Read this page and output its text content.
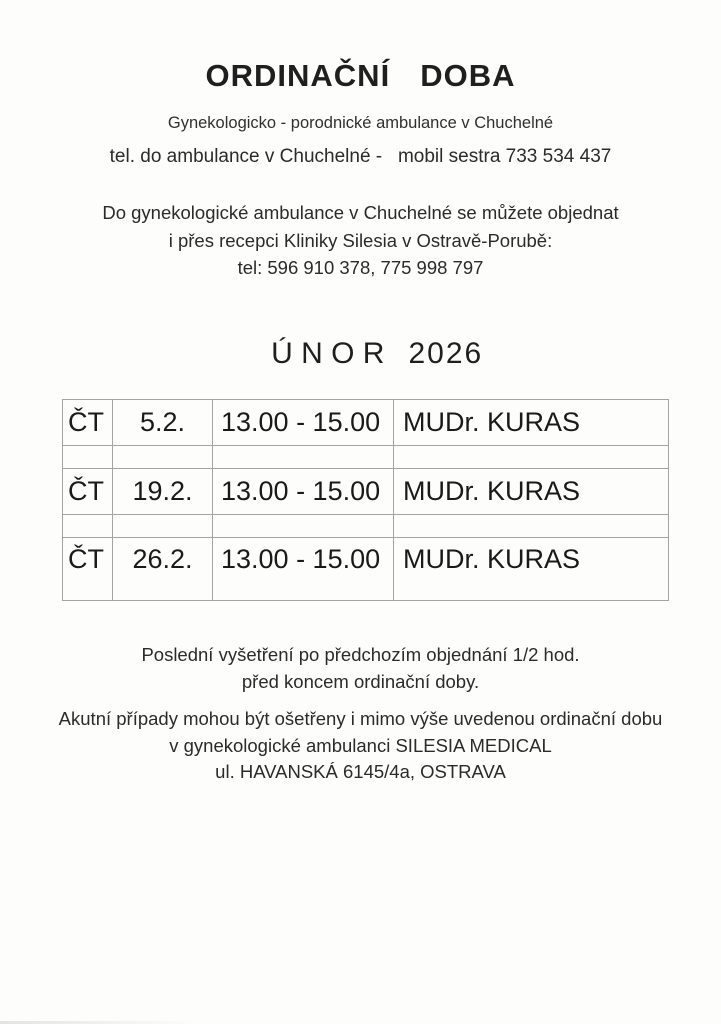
ORDINAČNÍ DOBA
Gynekologicko - porodnické ambulance v Chuchelné
tel. do ambulance v Chuchelné -   mobil sestra 733 534 437
Do gynekologické ambulance v Chuchelné se můžete objednat
i přes recepci Kliniky Silesia v Ostravě-Porubě:
tel: 596 910 378, 775 998 797

Ú N O R 2026

ČT	5.2.	13.00 - 15.00	MUDr. KURAS

ČT	19.2.	13.00 - 15.00	MUDr. KURAS

ČT	26.2.	13.00 - 15.00	MUDr. KURAS
Poslední vyšetření po předchozím objednání 1/2 hod.
před koncem ordinační doby.
Akutní případy mohou být ošetřeny i mimo výše uvedenou ordinační dobu
v gynekologické ambulanci SILESIA MEDICAL
ul. HAVANSKÁ 6145/4a, OSTRAVA
